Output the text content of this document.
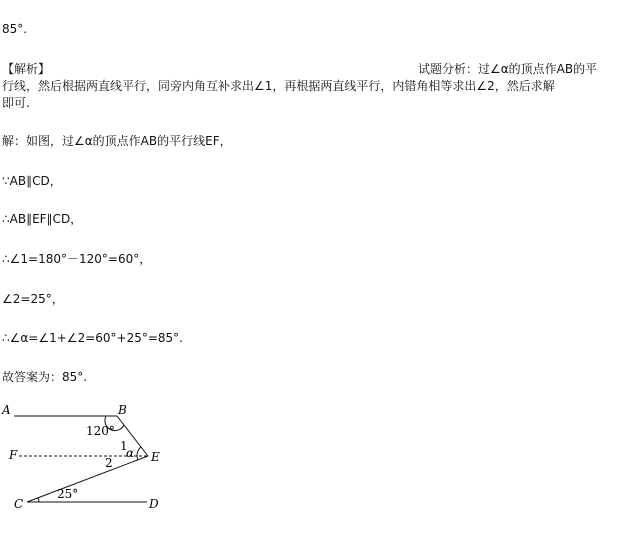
85°.
【解析】	试题分析：过∠α的顶点作AB的平
行线，然后根据两直线平行，同旁内角互补求出∠1，再根据两直线平行，内错角相等求出∠2，然后求解
即可.
解：如图，过∠α的顶点作AB的平行线EF，
∵AB∥CD，
∴AB∥EF∥CD，
∴∠1=180°－120°=60°，
∠2=25°，
∴∠α=∠1+∠2=60°+25°=85°.
故答案为：85°.
A	B
F	E
C	D
120°
1
α
2
25°
